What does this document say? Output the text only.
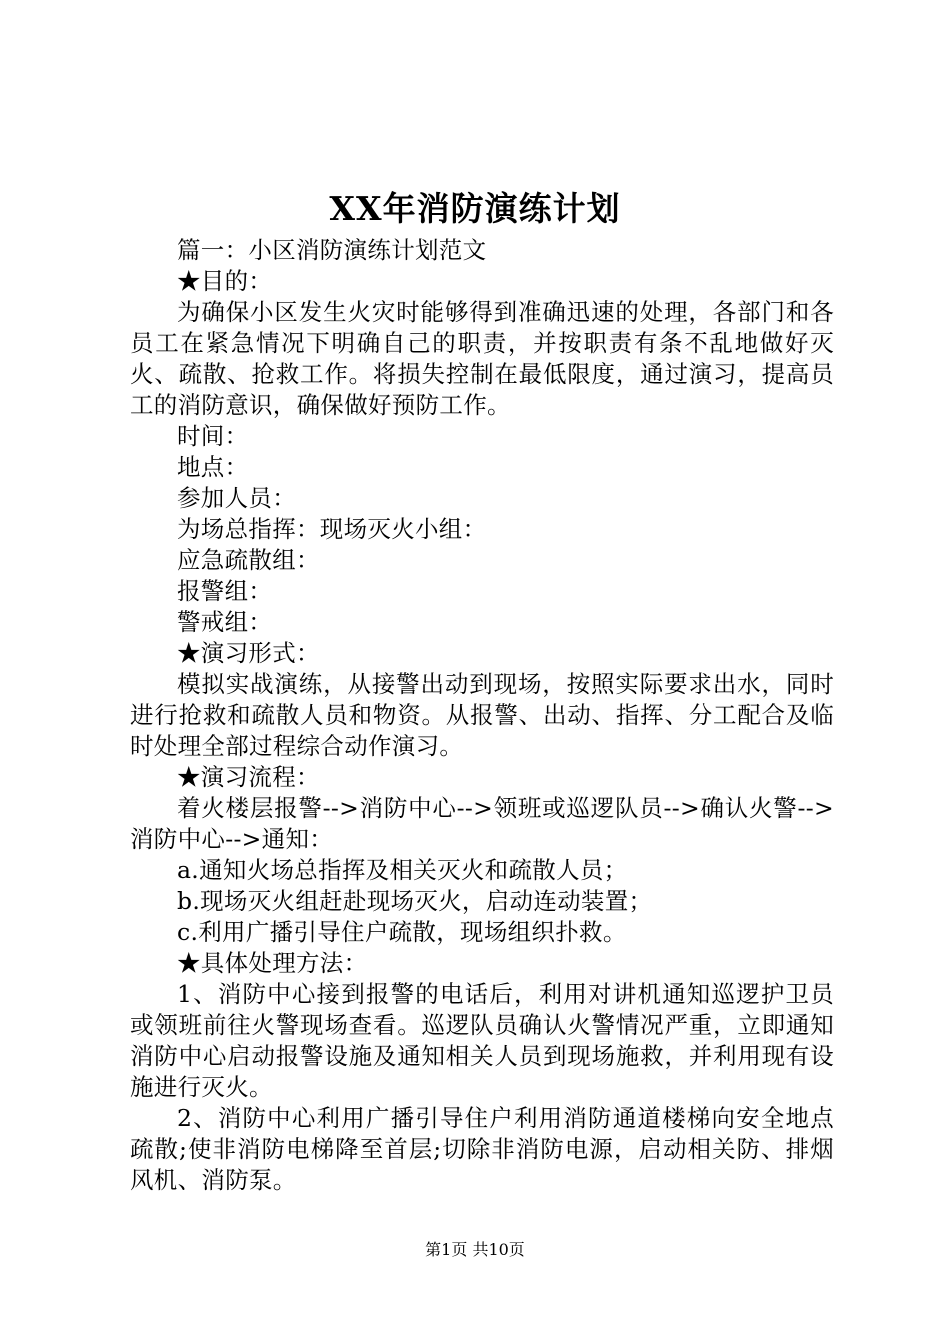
XX年消防演练计划

篇一：小区消防演练计划范文

★目的：

为确保小区发生火灾时能够得到准确迅速的处理，各部门和各员工在紧急情况下明确自己的职责，并按职责有条不乱地做好灭火、疏散、抢救工作。将损失控制在最低限度，通过演习，提高员工的消防意识，确保做好预防工作。

时间：

地点：

参加人员：

为场总指挥：现场灭火小组：

应急疏散组：

报警组：

警戒组：

★演习形式：

模拟实战演练，从接警出动到现场，按照实际要求出水，同时进行抢救和疏散人员和物资。从报警、出动、指挥、分工配合及临时处理全部过程综合动作演习。

★演习流程：

着火楼层报警-->消防中心-->领班或巡逻队员-->确认火警-->消防中心-->通知：

a.通知火场总指挥及相关灭火和疏散人员；

b.现场灭火组赶赴现场灭火，启动连动装置；

c.利用广播引导住户疏散，现场组织扑救。

★具体处理方法：

1、消防中心接到报警的电话后，利用对讲机通知巡逻护卫员或领班前往火警现场查看。巡逻队员确认火警情况严重，立即通知消防中心启动报警设施及通知相关人员到现场施救，并利用现有设施进行灭火。

2、消防中心利用广播引导住户利用消防通道楼梯向安全地点疏散;使非消防电梯降至首层;切除非消防电源，启动相关防、排烟风机、消防泵。

第1页 共10页
